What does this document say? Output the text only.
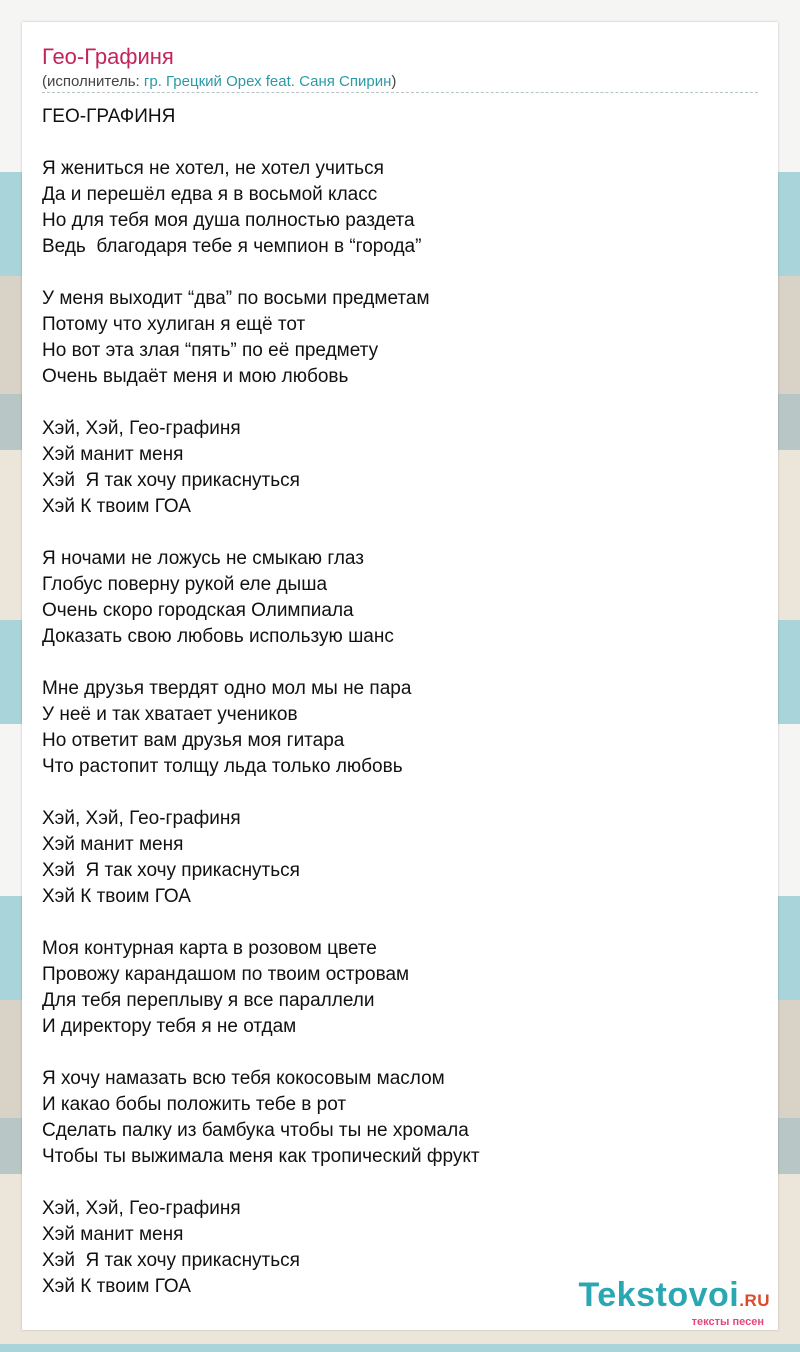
Гео-Графиня
(исполнитель: гр. Грецкий Орех feat. Саня Спирин)
ГЕО-ГРАФИНЯ
Я жениться не хотел, не хотел учиться
Да и перешёл едва я в восьмой класс
Но для тебя моя душа полностью раздета
Ведь  благодаря тебе я чемпион в “города”
У меня выходит “два” по восьми предметам
Потому что хулиган я ещё тот
Но вот эта злая “пять” по её предмету
Очень выдаёт меня и мою любовь
Хэй, Хэй, Гео-графиня
Хэй манит меня
Хэй  Я так хочу прикаснуться
Хэй К твоим ГОА
Я ночами не ложусь не смыкаю глаз
Глобус поверну рукой еле дыша
Очень скоро городская Олимпиала
Доказать свою любовь использую шанс
Мне друзья твердят одно мол мы не пара
У неё и так хватает учеников
Но ответит вам друзья моя гитара
Что растопит толщу льда только любовь
Хэй, Хэй, Гео-графиня
Хэй манит меня
Хэй  Я так хочу прикаснуться
Хэй К твоим ГОА
Моя контурная карта в розовом цвете
Провожу карандашом по твоим островам
Для тебя переплыву я все параллели
И директору тебя я не отдам
Я хочу намазать всю тебя кокосовым маслом
И какао бобы положить тебе в рот
Сделать палку из бамбука чтобы ты не хромала
Чтобы ты выжимала меня как тропический фрукт
Хэй, Хэй, Гео-графиня
Хэй манит меня
Хэй  Я так хочу прикаснуться
Хэй К твоим ГОА	Tekstovoi.RU
тексты песен
